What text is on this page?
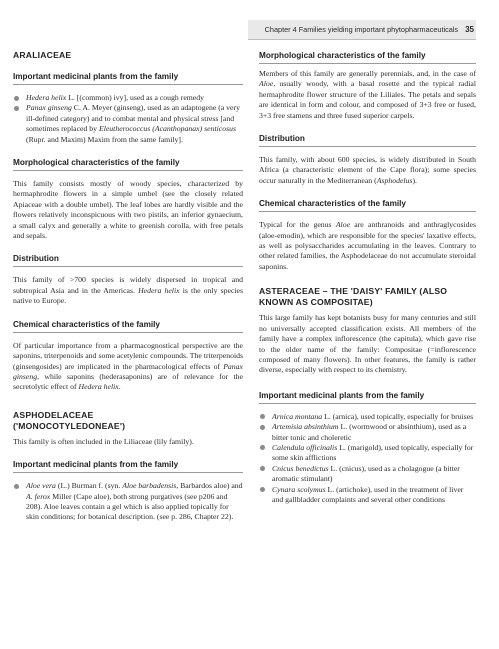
Chapter 4 Families yielding important phytopharmaceuticals 35
ARALIACEAE
Important medicinal plants from the family
Hedera helix L. [(common) ivy], used as a cough remedy
Panax ginseng C. A. Meyer (ginseng), used as an adaptogene (a very ill-defined category) and to combat mental and physical stress [and sometimes replaced by Eleutherococcus (Acanthopanax) senticosus (Rupr. and Maxim) Maxim from the same family].
Morphological characteristics of the family

This family consists mostly of woody species, characterized by hermaphrodite flowers in a simple umbel (see the closely related Apiaceae with a double umbel). The leaf lobes are hardly visible and the flowers relatively inconspicuous with two pistils, an inferior gynaecium, a small calyx and generally a white to greenish corolla, with free petals and sepals.

Distribution

This family of >700 species is widely dispersed in tropical and subtropical Asia and in the Americas. Hedera helix is the only species native to Europe.

Chemical characteristics of the family

Of particular importance from a pharmacognostical perspective are the saponins, triterpenoids and some acetylenic compounds. The triterpenoids (ginsengosides) are implicated in the pharmacological effects of Panax ginseng, while saponins (hederasaponins) are of relevance for the secretolytic effect of Hedera helix.

ASPHODELACEAE
('MONOCOTYLEDONEAE')

This family is often included in the Liliaceae (lily family).

Important medicinal plants from the family
Aloe vera (L.) Burman f. (syn. Aloe barbadensis, Barbardos aloe) and A. ferox Miller (Cape aloe), both strong purgatives (see p206 and 208). Aloe leaves contain a gel which is also applied topically for skin conditions; for botanical description. (see p. 286, Chapter 22).
Morphological characteristics of the family

Members of this family are generally perennials, and, in the case of Aloe, usually woody, with a basal rosette and the typical radial hermaphrodite flower structure of the Liliales. The petals and sepals are identical in form and colour, and composed of 3+3 free or fused, 3+3 free stamens and three fused superior carpels.

Distribution

This family, with about 600 species, is widely distributed in South Africa (a characteristic element of the Cape flora); some species occur naturally in the Mediterranean (Asphodelus).

Chemical characteristics of the family

Typical for the genus Aloe are anthranoids and anthraglycosides (aloe-emodin), which are responsible for the species' laxative effects, as well as polysaccharides accumulating in the leaves. Contrary to other related families, the Asphodelaceae do not accumulate steroidal saponins.

ASTERACEAE – THE 'DAISY' FAMILY (ALSO
KNOWN AS COMPOSITAE)

This large family has kept botanists busy for many centuries and still no universally accepted classification exists. All members of the family have a complex inflorescence (the capitula), which gave rise to the older name of the family: Compositae (=inflorescence composed of many flowers). In other features, the family is rather diverse, especially with respect to its chemistry.

Important medicinal plants from the family
Arnica montana L. (arnica), used topically, especially for bruises
Artemisia absinthium L. (wormwood or absinthium), used as a bitter tonic and choleretic
Calendula officinalis L. (marigold), used topically, especially for some skin afflictions
Cnicus benedictus L. (cnicus), used as a cholagogue (a bitter aromatic stimulant)
Cynara scolymus L. (artichoke), used in the treatment of liver and gallbladder complaints and several other conditions
